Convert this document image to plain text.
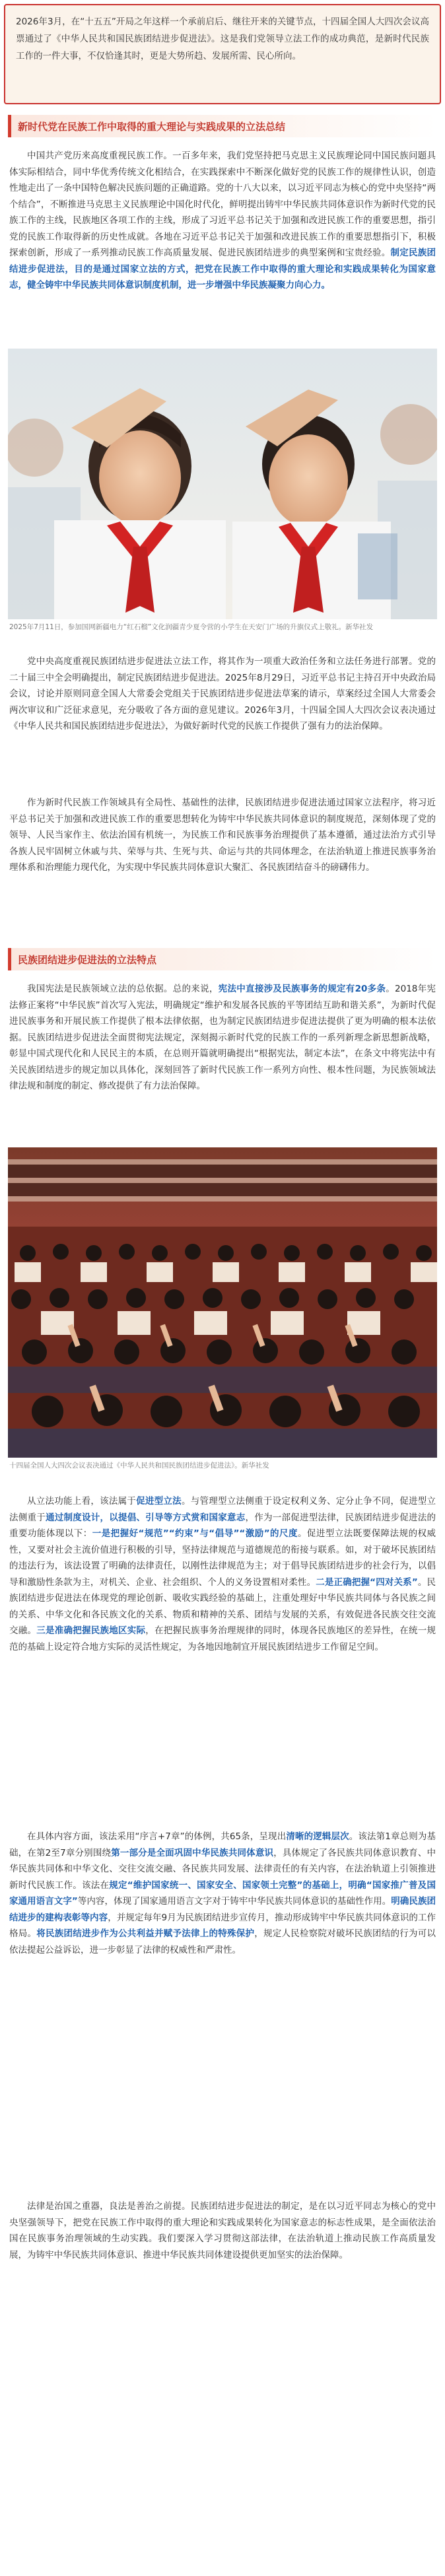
2026年3月，在“十五五”开局之年这样一个承前启后、继往开来的关键节点，十四届全国人大四次会议高票通过了《中华人民共和国民族团结进步促进法》。这是我们党领导立法工作的成功典范，是新时代民族工作的一件大事，不仅恰逢其时，更是大势所趋、发展所需、民心所向。

新时代党在民族工作中取得的重大理论与实践成果的立法总结

中国共产党历来高度重视民族工作。一百多年来，我们党坚持把马克思主义民族理论同中国民族问题具体实际相结合，同中华优秀传统文化相结合，在实践探索中不断深化做好党的民族工作的规律性认识，创造性地走出了一条中国特色解决民族问题的正确道路。党的十八大以来，以习近平同志为核心的党中央坚持“两个结合”，不断推进马克思主义民族理论中国化时代化，鲜明提出铸牢中华民族共同体意识作为新时代党的民族工作的主线，民族地区各项工作的主线，形成了习近平总书记关于加强和改进民族工作的重要思想，指引党的民族工作取得新的历史性成就。各地在习近平总书记关于加强和改进民族工作的重要思想指引下，积极探索创新，形成了一系列推动民族工作高质量发展、促进民族团结进步的典型案例和宝贵经验。制定民族团结进步促进法，目的是通过国家立法的方式，把党在民族工作中取得的重大理论和实践成果转化为国家意志，健全铸牢中华民族共同体意识制度机制，进一步增强中华民族凝聚力向心力。

2025年7月11日，参加国网新疆电力“红石榴”文化润疆青少夏令营的小学生在天安门广场的升旗仪式上敬礼。新华社发

党中央高度重视民族团结进步促进法立法工作，将其作为一项重大政治任务和立法任务进行部署。党的二十届三中全会明确提出，制定民族团结进步促进法。2025年8月29日，习近平总书记主持召开中央政治局会议，讨论并原则同意全国人大常委会党组关于民族团结进步促进法草案的请示，草案经过全国人大常委会两次审议和广泛征求意见，充分吸收了各方面的意见建议。2026年3月，十四届全国人大四次会议表决通过《中华人民共和国民族团结进步促进法》，为做好新时代党的民族工作提供了强有力的法治保障。

作为新时代民族工作领域具有全局性、基础性的法律，民族团结进步促进法通过国家立法程序，将习近平总书记关于加强和改进民族工作的重要思想转化为铸牢中华民族共同体意识的制度规范，深刻体现了党的领导、人民当家作主、依法治国有机统一，为民族工作和民族事务治理提供了基本遵循，通过法治方式引导各族人民牢固树立休戚与共、荣辱与共、生死与共、命运与共的共同体理念，在法治轨道上推进民族事务治理体系和治理能力现代化，为实现中华民族共同体意识大聚汇、各民族团结奋斗的磅礴伟力。

民族团结进步促进法的立法特点

我国宪法是民族领域立法的总依据。总的来说，宪法中直接涉及民族事务的规定有20多条。2018年宪法修正案将“中华民族”首次写入宪法，明确规定“维护和发展各民族的平等团结互助和谐关系”，为新时代促进民族事务和开展民族工作提供了根本法律依据，也为制定民族团结进步促进法提供了更为明确的根本法依据。民族团结进步促进法全面贯彻宪法规定，深刻揭示新时代党的民族工作的一系列新理念新思想新战略，彰显中国式现代化和人民民主的本质，在总则开篇就明确提出“根据宪法，制定本法”，在条文中将宪法中有关民族团结进步的规定加以具体化，深刻回答了新时代民族工作一系列方向性、根本性问题，为民族领域法律法规和制度的制定、修改提供了有力法治保障。

十四届全国人大四次会议表决通过《中华人民共和国民族团结进步促进法》。新华社发

从立法功能上看，该法属于促进型立法。与管理型立法侧重于设定权利义务、定分止争不同，促进型立法侧重于通过制度设计，以提倡、引导等方式赏和国家意志，作为一部促进型法律，民族团结进步促进法的重要功能体现以下：一是把握好“规范”“约束”与“倡导”“激励”的尺度。促进型立法既要保障法规的权威性，又要对社会主流价值进行积极的引导，坚持法律规范与道德规范的衔接与联系。如，对于破坏民族团结的违法行为，该法设置了明确的法律责任，以刚性法律规范为主；对于倡导民族团结进步的社会行为，以倡导和激励性条款为主，对机关、企业、社会组织、个人的义务设置相对柔性。二是正确把握“四对关系”。民族团结进步促进法在体现党的理论创新、吸收实践经验的基础上，注重处理好中华民族共同体与各民族之间的关系、中华文化和各民族文化的关系、物质和精神的关系、团结与发展的关系，有效促进各民族交往交流交融。三是准确把握民族地区实际，在把握民族事务治理规律的同时，体现各民族地区的差异性，在统一规范的基础上设定符合地方实际的灵活性规定，为各地因地制宜开展民族团结进步工作留足空间。

在具体内容方面，该法采用“序言+7章”的体例，共65条，呈现出清晰的逻辑层次。该法第1章总则为基础，在第2至7章分别围绕第一部分是全面巩固中华民族共同体意识，具体规定了各民族共同体意识教育、中华民族共同体和中华文化、交往交流交融、各民族共同发展、法律责任的有关内容，在法治轨道上引领推进新时代民族工作。该法在规定“维护国家统一、国家安全、国家领土完整”的基础上，明确“国家推广普及国家通用语言文字”等内容，体现了国家通用语言文字对于铸牢中华民族共同体意识的基础性作用。明确民族团结进步的建构表彰等内容，并规定每年9月为民族团结进步宣传月，推动形成铸牢中华民族共同体意识的工作格局。将民族团结进步作为公共利益并赋予法律上的特殊保护，规定人民检察院对破坏民族团结的行为可以依法提起公益诉讼，进一步彰显了法律的权威性和严肃性。

法律是治国之重器，良法是善治之前提。民族团结进步促进法的制定，是在以习近平同志为核心的党中央坚强领导下，把党在民族工作中取得的重大理论和实践成果转化为国家意志的标志性成果，是全面依法治国在民族事务治理领域的生动实践。我们要深入学习贯彻这部法律，在法治轨道上推动民族工作高质量发展，为铸牢中华民族共同体意识、推进中华民族共同体建设提供更加坚实的法治保障。
